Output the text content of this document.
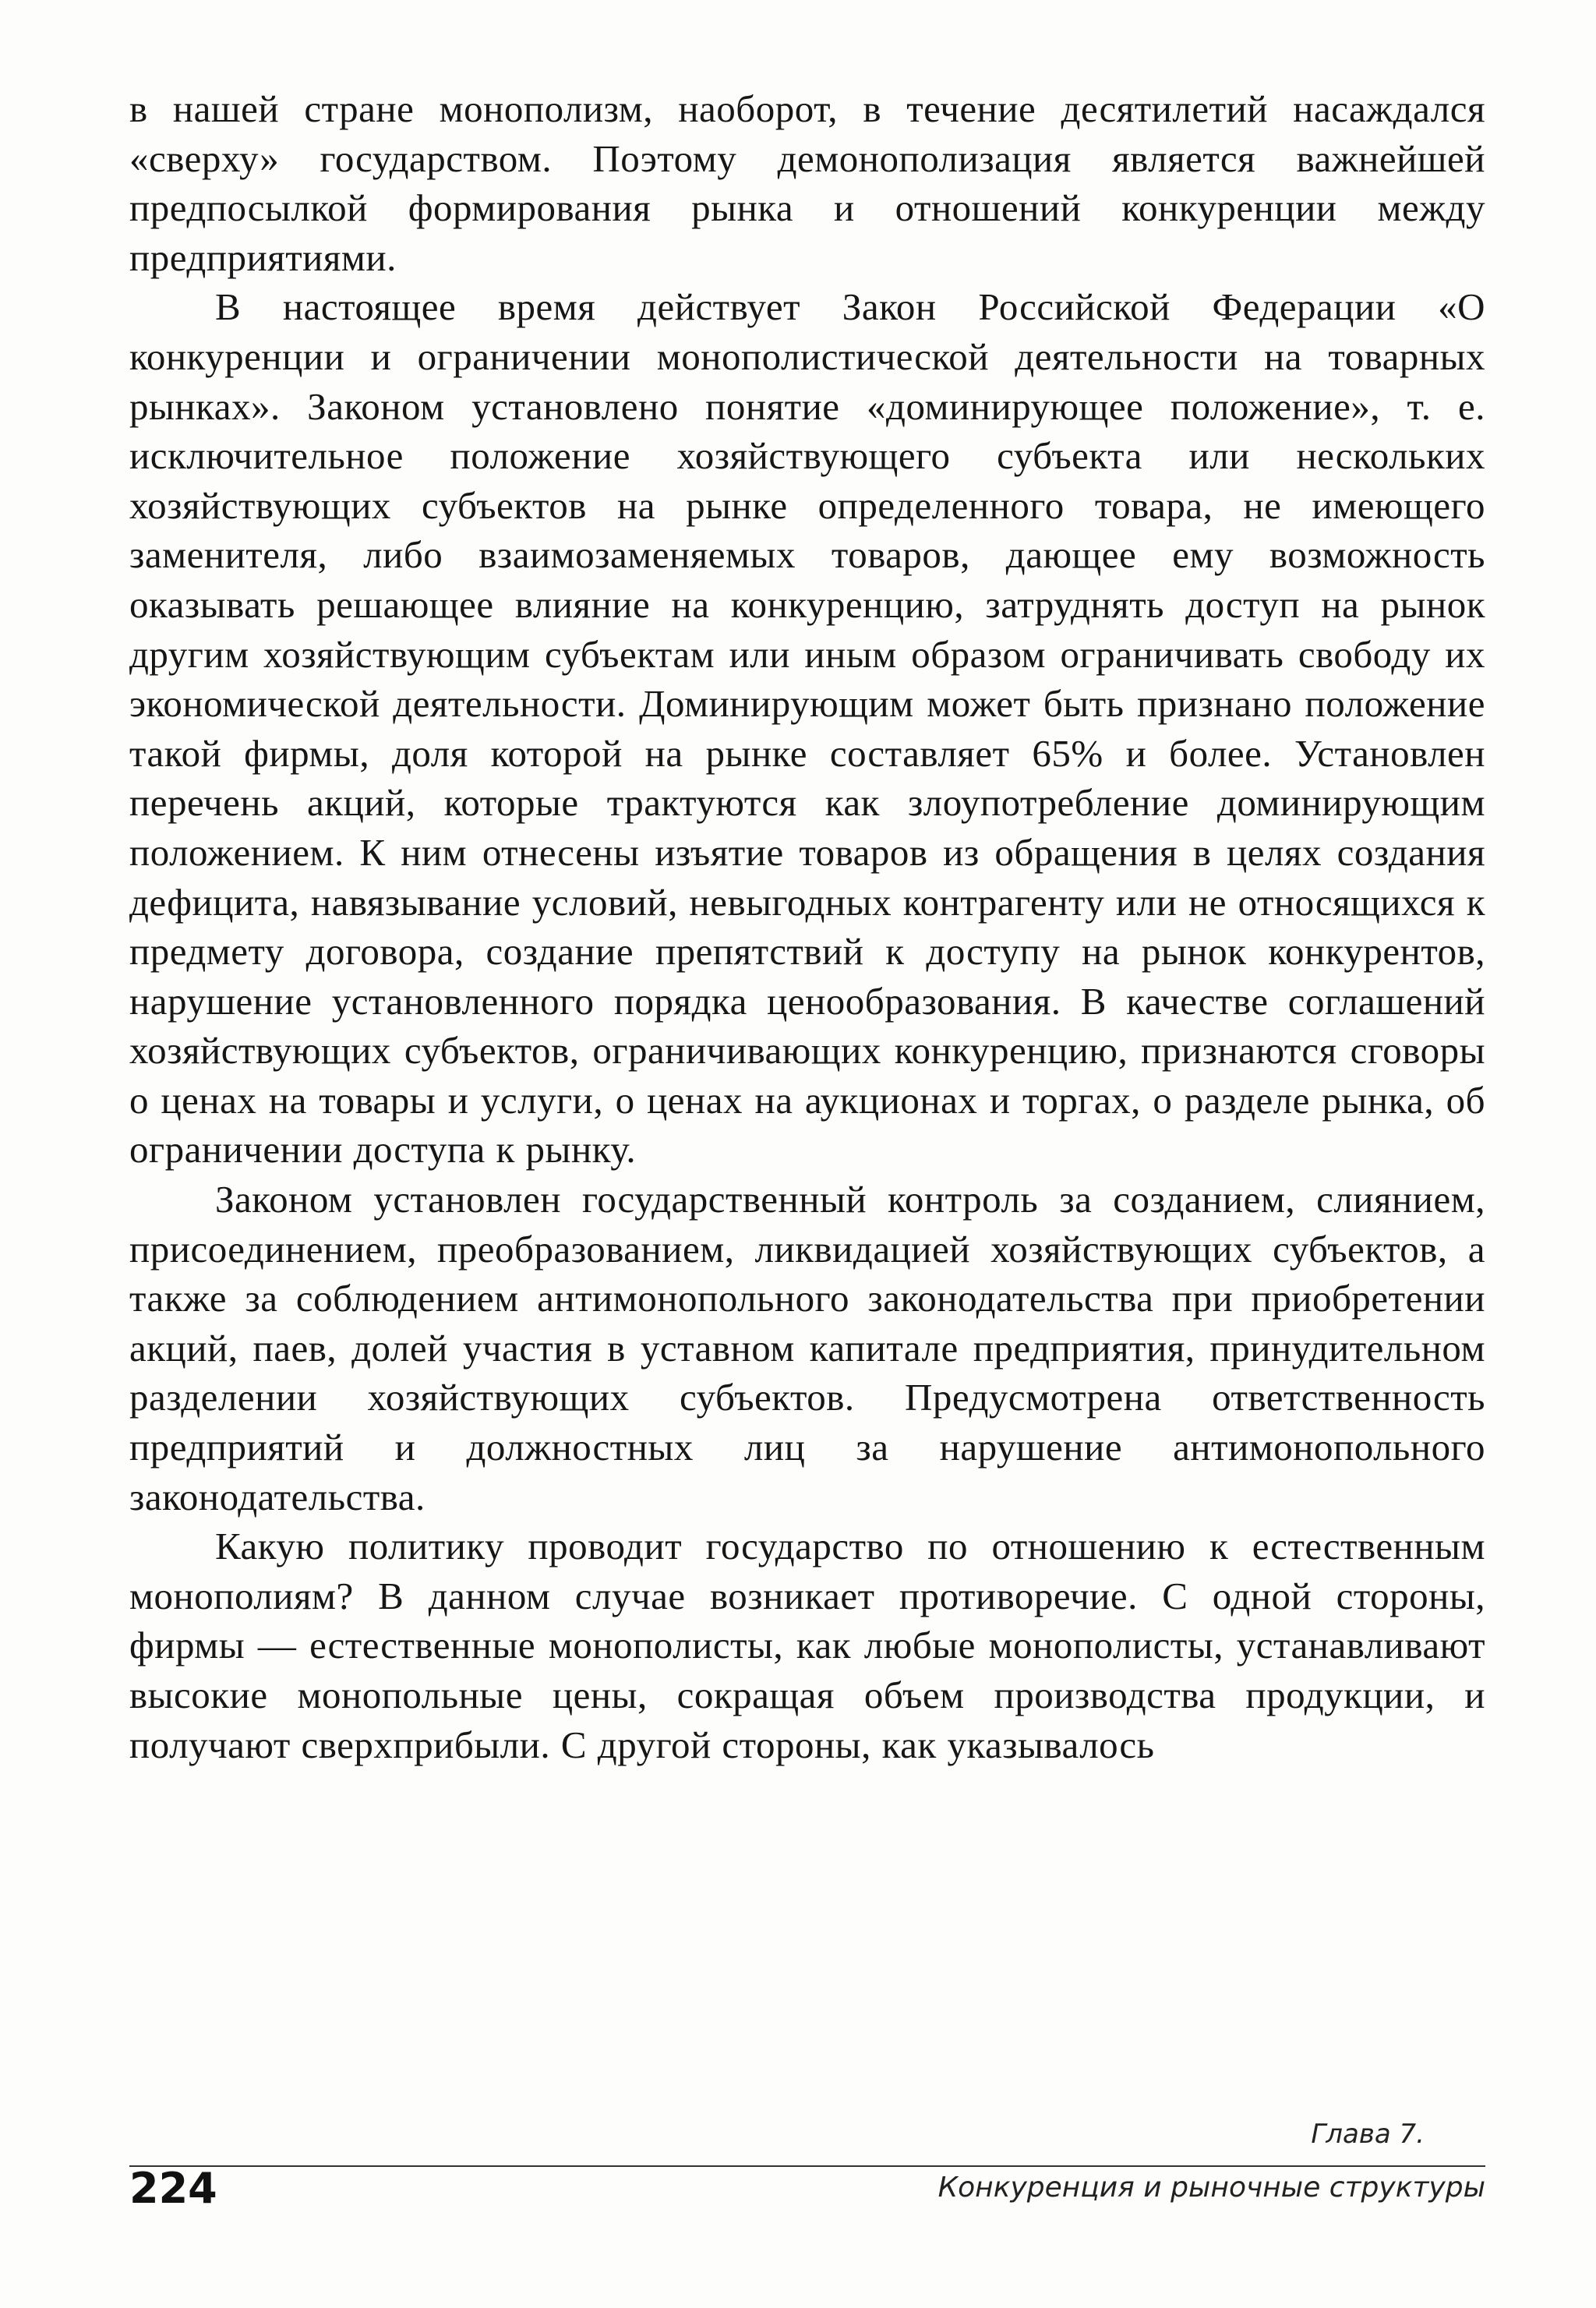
в нашей стране монополизм, наоборот, в течение десятилетий насаждался «сверху» государством. Поэтому демонополизация является важнейшей предпосылкой формирования рынка и отношений конкуренции между предприятиями.

В настоящее время действует Закон Российской Федерации «О конкуренции и ограничении монополистической деятельности на товарных рынках». Законом установлено понятие «доминирующее положение», т. е. исключительное положение хозяйствующего субъекта или нескольких хозяйствующих субъектов на рынке определенного товара, не имеющего заменителя, либо взаимозаменяемых товаров, дающее ему возможность оказывать решающее влияние на конкуренцию, затруднять доступ на рынок другим хозяйствующим субъектам или иным образом ограничивать свободу их экономической деятельности. Доминирующим может быть признано положение такой фирмы, доля которой на рынке составляет 65% и более. Установлен перечень акций, которые трактуются как злоупотребление доминирующим положением. К ним отнесены изъятие товаров из обращения в целях создания дефицита, навязывание условий, невыгодных контрагенту или не относящихся к предмету договора, создание препятствий к доступу на рынок конкурентов, нарушение установленного порядка ценообразования. В качестве соглашений хозяйствующих субъектов, ограничивающих конкуренцию, признаются сговоры о ценах на товары и услуги, о ценах на аукционах и торгах, о разделе рынка, об ограничении доступа к рынку.

Законом установлен государственный контроль за созданием, слиянием, присоединением, преобразованием, ликвидацией хозяйствующих субъектов, а также за соблюдением антимонопольного законодательства при приобретении акций, паев, долей участия в уставном капитале предприятия, принудительном разделении хозяйствующих субъектов. Предусмотрена ответственность предприятий и должностных лиц за нарушение антимонопольного законодательства.

Какую политику проводит государство по отношению к естественным монополиям? В данном случае возникает противоречие. С одной стороны, фирмы — естественные монополисты, как любые монополисты, устанавливают высокие монопольные цены, сокращая объем производства продукции, и получают сверхприбыли. С другой стороны, как указывалось

Глава 7.
224	Конкуренция и рыночные структуры
